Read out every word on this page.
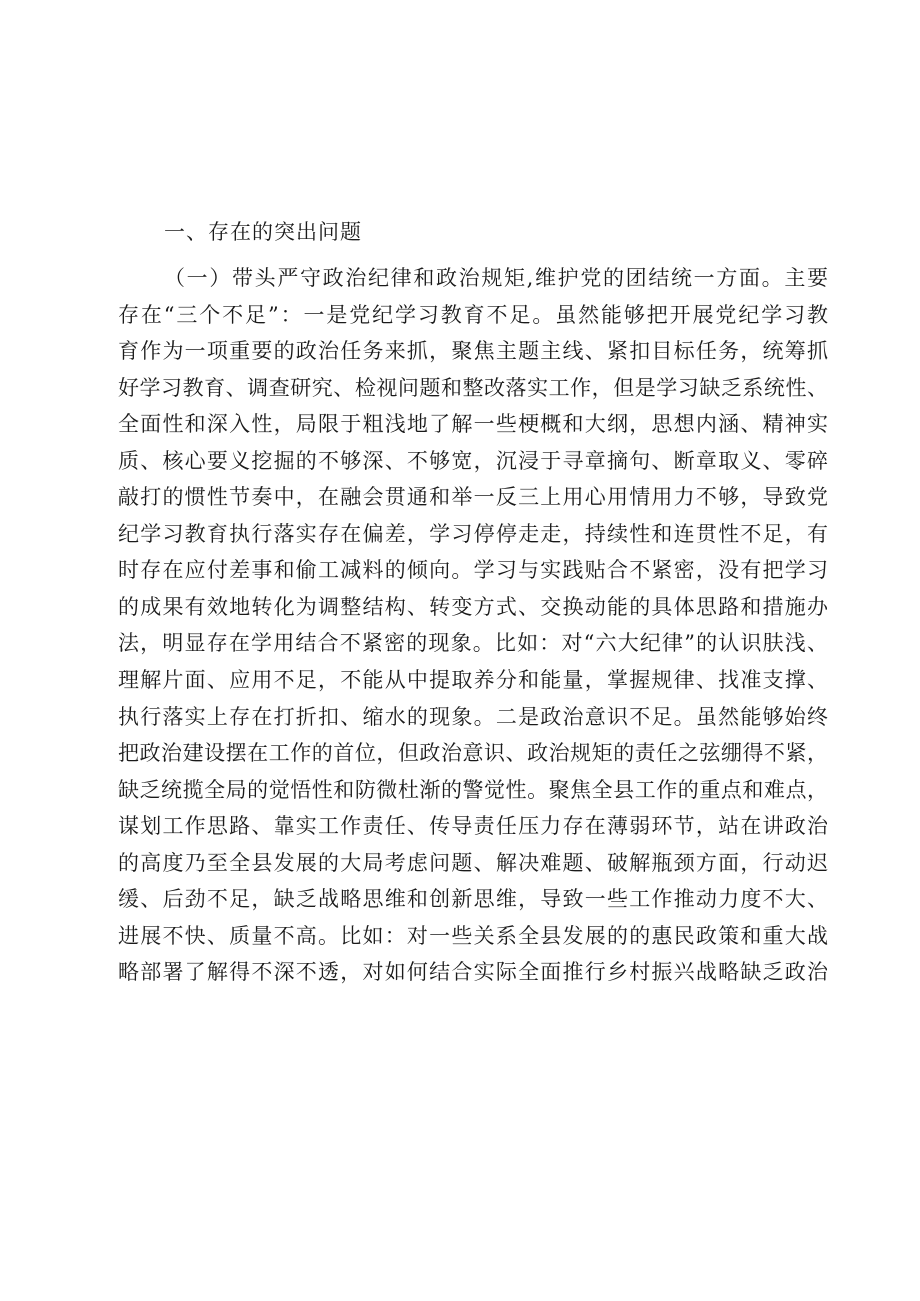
一、存在的突出问题
（一）带头严守政治纪律和政治规矩,维护党的团结统一方面。主要
存在“三个不足”：一是党纪学习教育不足。虽然能够把开展党纪学习教
育作为一项重要的政治任务来抓，聚焦主题主线、紧扣目标任务，统筹抓
好学习教育、调查研究、检视问题和整改落实工作，但是学习缺乏系统性、
全面性和深入性，局限于粗浅地了解一些梗概和大纲，思想内涵、精神实
质、核心要义挖掘的不够深、不够宽，沉浸于寻章摘句、断章取义、零碎
敲打的惯性节奏中，在融会贯通和举一反三上用心用情用力不够，导致党
纪学习教育执行落实存在偏差，学习停停走走，持续性和连贯性不足，有
时存在应付差事和偷工减料的倾向。学习与实践贴合不紧密，没有把学习
的成果有效地转化为调整结构、转变方式、交换动能的具体思路和措施办
法，明显存在学用结合不紧密的现象。比如：对“六大纪律”的认识肤浅、
理解片面、应用不足，不能从中提取养分和能量，掌握规律、找准支撑、
执行落实上存在打折扣、缩水的现象。二是政治意识不足。虽然能够始终
把政治建设摆在工作的首位，但政治意识、政治规矩的责任之弦绷得不紧，
缺乏统揽全局的觉悟性和防微杜渐的警觉性。聚焦全县工作的重点和难点，
谋划工作思路、靠实工作责任、传导责任压力存在薄弱环节，站在讲政治
的高度乃至全县发展的大局考虑问题、解决难题、破解瓶颈方面，行动迟
缓、后劲不足，缺乏战略思维和创新思维，导致一些工作推动力度不大、
进展不快、质量不高。比如：对一些关系全县发展的的惠民政策和重大战
略部署了解得不深不透，对如何结合实际全面推行乡村振兴战略缺乏政治
